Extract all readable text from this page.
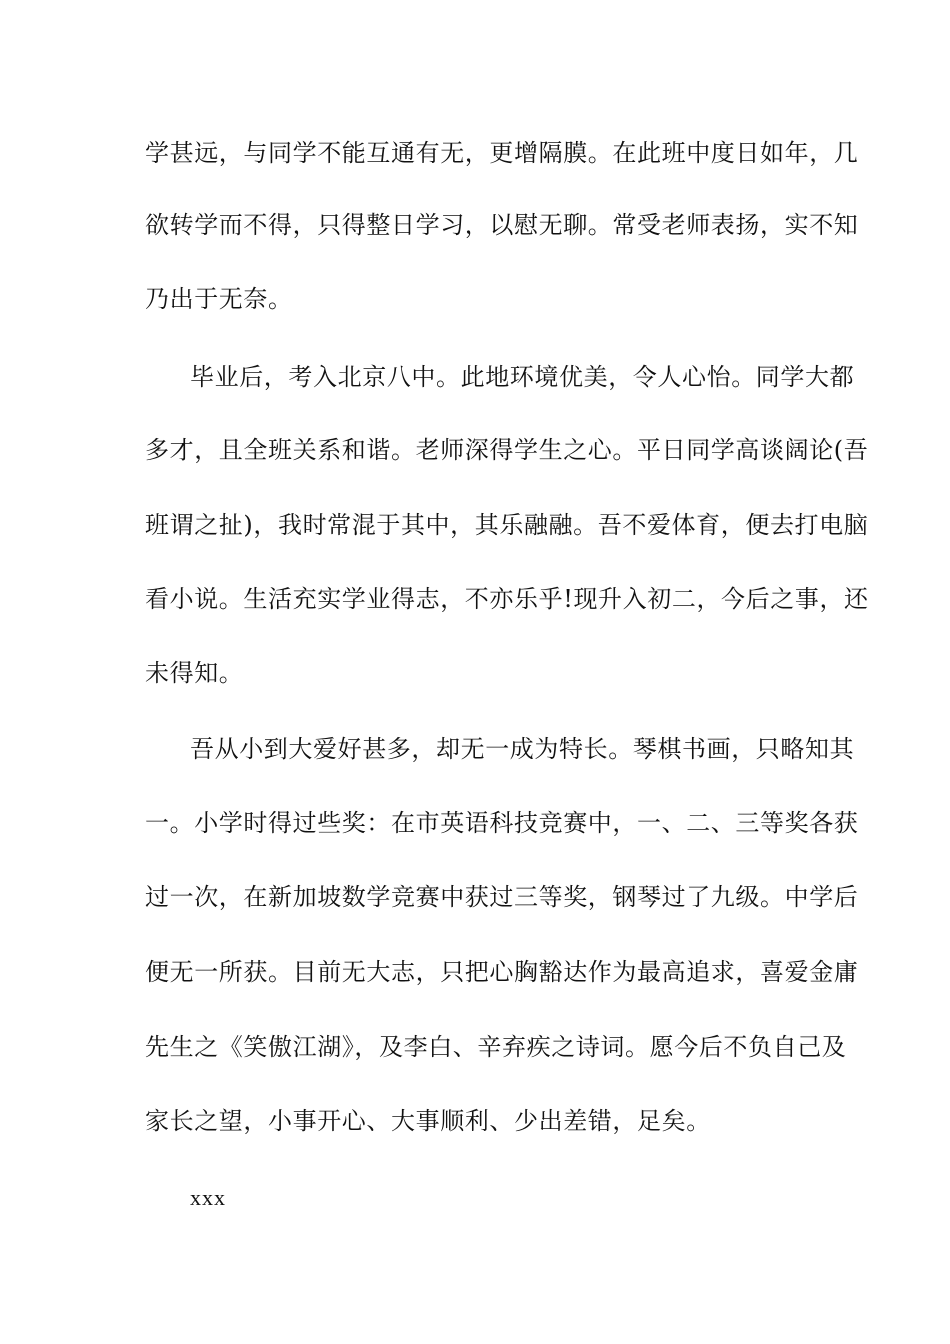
学甚远，与同学不能互通有无，更增隔膜。在此班中度日如年，几
欲转学而不得，只得整日学习，以慰无聊。常受老师表扬，实不知
乃出于无奈。
毕业后，考入北京八中。此地环境优美，令人心怡。同学大都
多才，且全班关系和谐。老师深得学生之心。平日同学高谈阔论(吾
班谓之扯)，我时常混于其中，其乐融融。吾不爱体育，便去打电脑
看小说。生活充实学业得志，不亦乐乎!现升入初二，今后之事，还
未得知。
吾从小到大爱好甚多，却无一成为特长。琴棋书画，只略知其
一。小学时得过些奖：在市英语科技竞赛中，一、二、三等奖各获
过一次，在新加坡数学竞赛中获过三等奖，钢琴过了九级。中学后
便无一所获。目前无大志，只把心胸豁达作为最高追求，喜爱金庸
先生之《笑傲江湖》，及李白、辛弃疾之诗词。愿今后不负自己及
家长之望，小事开心、大事顺利、少出差错，足矣。
xxx
